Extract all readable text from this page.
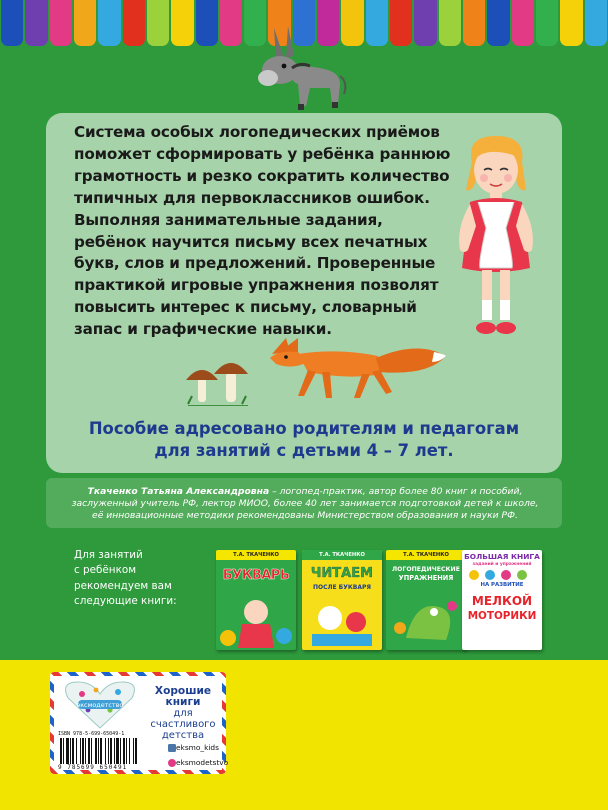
Система особых логопедических приёмов
поможет сформировать у ребёнка раннюю
грамотность и резко сократить количество
типичных для первоклассников ошибок.
Выполняя занимательные задания,
ребёнок научится письму всех печатных
букв, слов и предложений. Проверенные
практикой игровые упражнения позволят
повысить интерес к письму, словарный
запас и графические навыки.
Пособие адресовано родителям и педагогам
для занятий с детьми 4 – 7 лет.
Ткаченко Татьяна Александровна – логопед-практик, автор более 80 книг и пособий,
заслуженный учитель РФ, лектор МИОО, более 40 лет занимается подготовкой детей к школе,
её инновационные методики рекомендованы Министерством образования и науки РФ.
Для занятий
с ребёнком
рекомендуем вам
следующие книги:
Т.А. ТКАЧЕНКО
БУКВАРЬ
Т.А. ТКАЧЕНКО
ЧИТАЕМ
ПОСЛЕ БУКВАРЯ
Т.А. ТКАЧЕНКО
ЛОГОПЕДИЧЕСКИЕ
УПРАЖНЕНИЯ
БОЛЬШАЯ КНИГА
заданий и упражнений
НА РАЗВИТИЕ
МЕЛКОЙ
МОТОРИКИ
эксмодетство
Хорошие
книги
для счастливого
детства
ISBN 978-5-699-65049-1
9 785699 650491
eksmo_kids
eksmodetstvo
